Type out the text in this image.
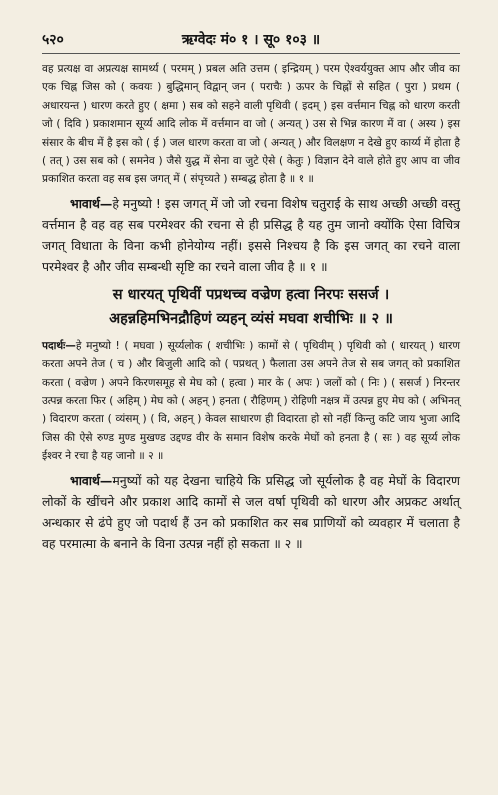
५२०	ऋग्वेदः मं० १ । सू० १०३ ॥

वह प्रत्यक्ष वा अप्रत्यक्ष सामर्थ्य ( परमम् ) प्रबल अति उत्तम ( इन्द्रियम् ) परम ऐश्वर्ययुक्त आप और जीव का एक चिह्न जिस को ( कवयः ) बुद्धिमान् विद्वान् जन ( पराचैः ) ऊपर के चिह्नों से सहित ( पुरा ) प्रथम ( अधारयन्त ) धारण करते हुए ( क्षमा ) सब को सहने वाली पृथिवी ( इदम् ) इस वर्त्तमान चिह्न को धारण करती जो ( दिवि ) प्रकाशमान सूर्य्य आदि लोक में वर्त्तमान वा जो ( अन्यत् ) उस से भिन्न कारण में वा ( अस्य ) इस संसार के बीच में है इस को ( ई ) जल धारण करता वा जो ( अन्यत् ) और विलक्षण न देखे हुए कार्य्य में होता है ( तत् ) उस सब को ( समनेव ) जैसे युद्ध में सेना वा जुटे ऐसे ( केतुः ) विज्ञान देने वाले होते हुए आप वा जीव प्रकाशित करता वह सब इस जगत् में ( संपृच्यते ) सम्बद्ध होता है ॥ १ ॥

भावार्थ—हे मनुष्यो ! इस जगत् में जो जो रचना विशेष चतुराई के साथ अच्छी अच्छी वस्तु वर्त्तमान है वह वह सब परमेश्वर की रचना से ही प्रसिद्ध है यह तुम जानो क्योंकि ऐसा विचित्र जगत् विधाता के विना कभी होनेयोग्य नहीं। इससे निश्चय है कि इस जगत् का रचने वाला परमेश्वर है और जीव सम्बन्धी सृष्टि का रचने वाला जीव है ॥ १ ॥

स धारयत् पृथिवीं पप्रथच्च वज्रेण हत्वा निरपः ससर्ज ।
अहन्नहिमभिनद्रौहिणं व्यहन् व्यंसं मघवा शचीभिः ॥ २ ॥

पदार्थः—हे मनुष्यो ! ( मघवा ) सूर्य्यलोक ( शचीभिः ) कामों से ( पृथिवीम् ) पृथिवी को ( धारयत् ) धारण करता अपने तेज ( च ) और बिजुली आदि को ( पप्रथत् ) फैलाता उस अपने तेज से सब जगत् को प्रकाशित करता ( वज्रेण ) अपने किरणसमूह से मेघ को ( हत्वा ) मार के ( अपः ) जलों को ( निः ) ( ससर्ज ) निरन्तर उत्पन्न करता फिर ( अहिम् ) मेघ को ( अहन् ) हनता ( रौहिणम् ) रोहिणी नक्षत्र में उत्पन्न हुए मेघ को ( अभिनत् ) विदारण करता ( व्यंसम् ) ( वि, अहन् ) केवल साधारण ही विदारता हो सो नहीं किन्तु कटि जाय भुजा आदि जिस की ऐसे रुण्ड मुण्ड मुखण्ड उद्दण्ड वीर के समान विशेष करके मेघों को हनता है ( सः ) वह सूर्य्य लोक ईश्वर ने रचा है यह जानो ॥ २ ॥

भावार्थ—मनुष्यों को यह देखना चाहिये कि प्रसिद्ध जो सूर्यलोक है वह मेघों के विदारण लोकों के खींचने और प्रकाश आदि कामों से जल वर्षा पृथिवी को धारण और अप्रकट अर्थात् अन्धकार से ढंपे हुए जो पदार्थ हैं उन को प्रकाशित कर सब प्राणियों को व्यवहार में चलाता है वह परमात्मा के बनाने के विना उत्पन्न नहीं हो सकता ॥ २ ॥
